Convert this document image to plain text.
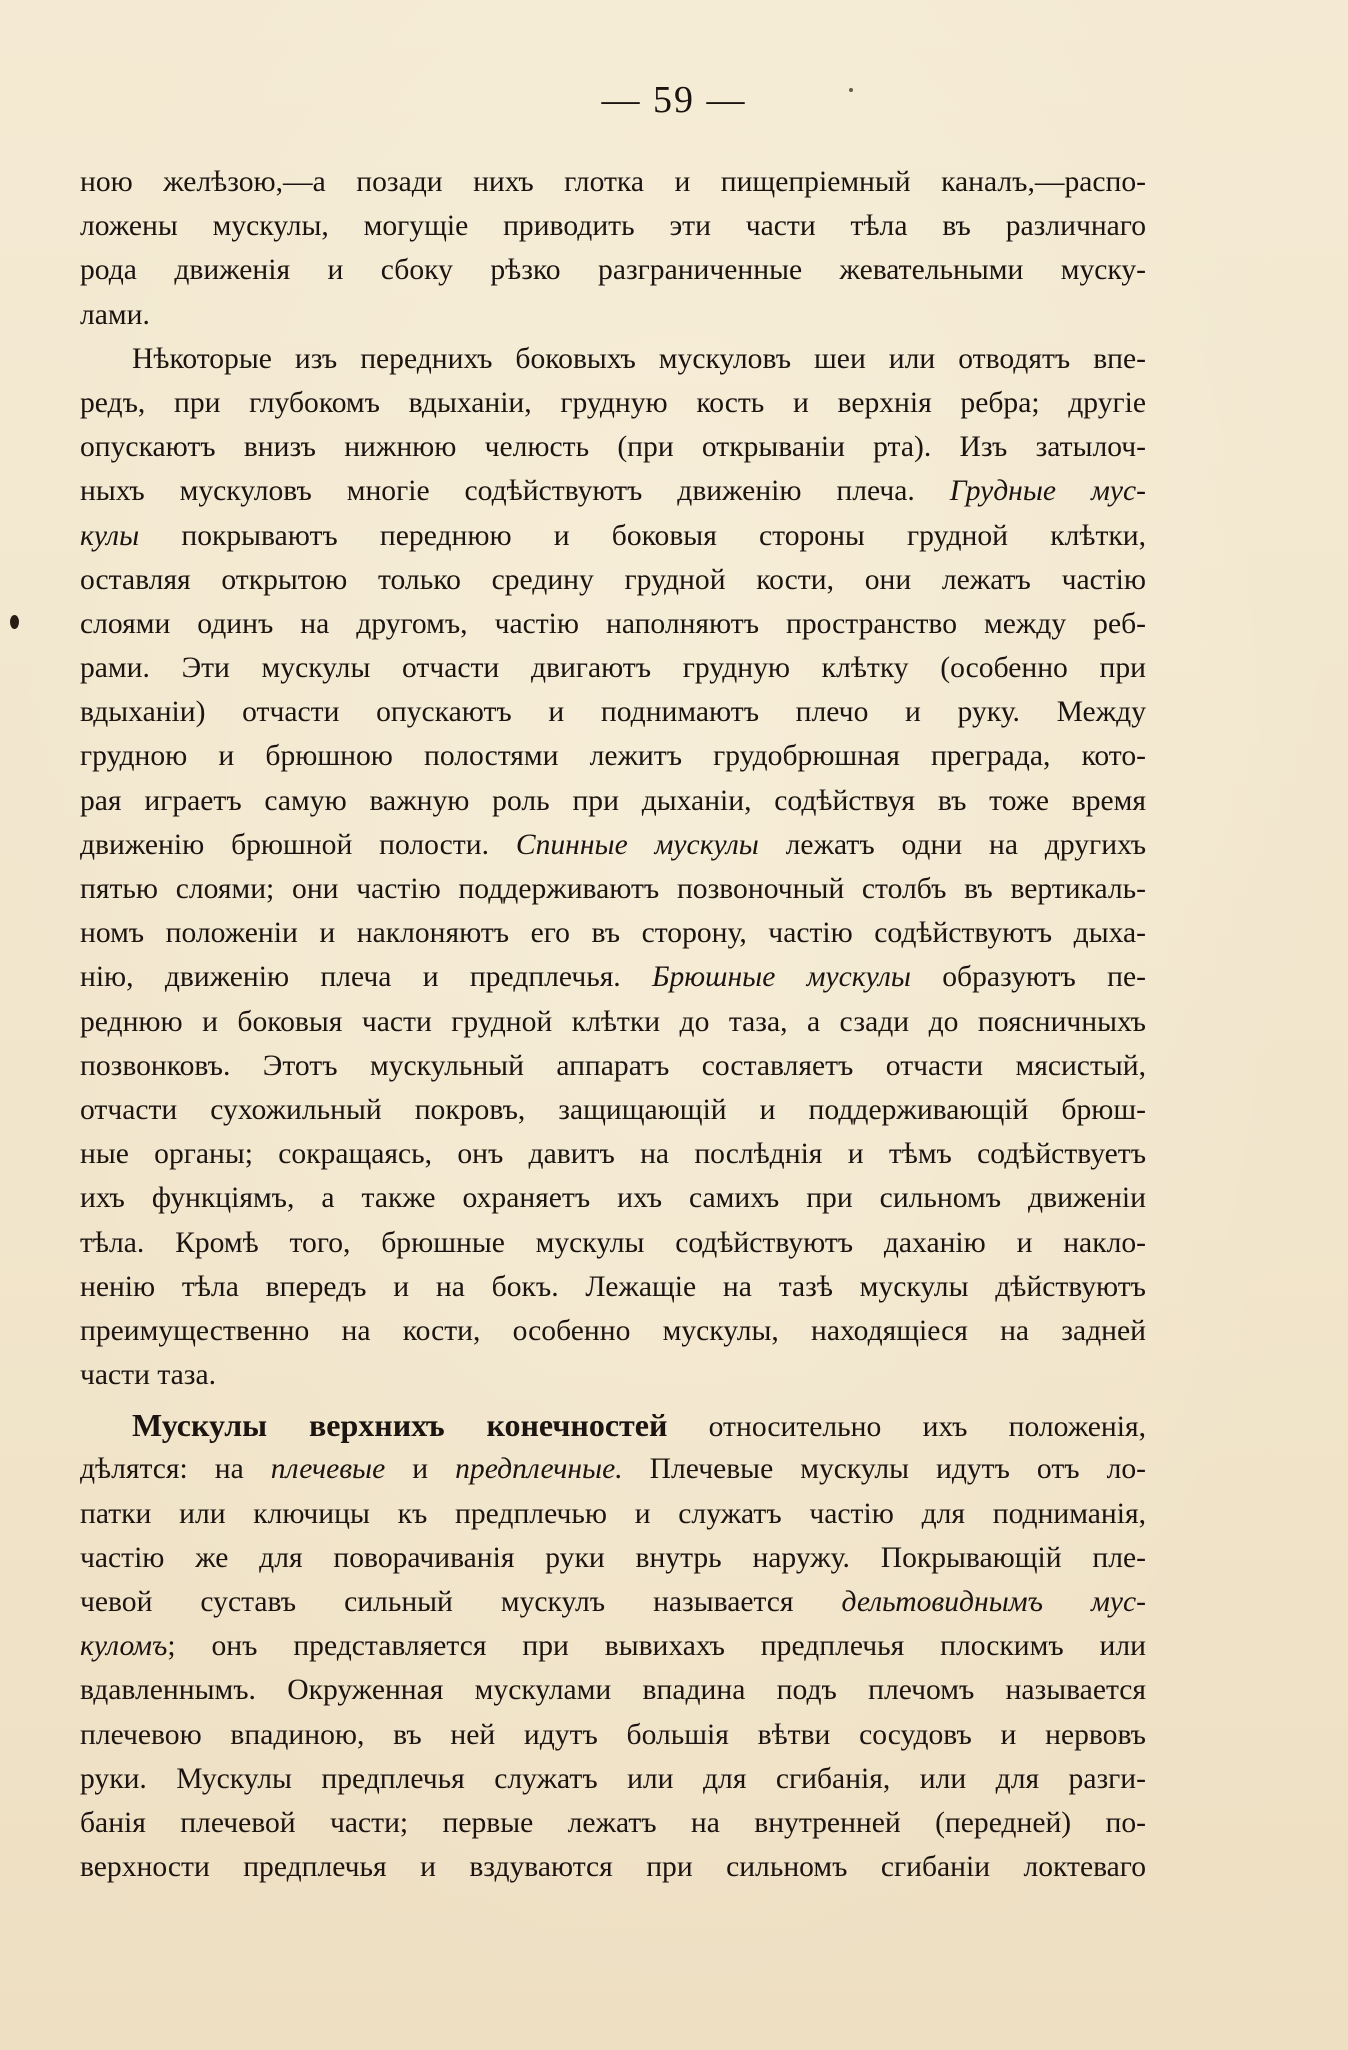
— 59 —
ною желѣзою,—а позади нихъ глотка и пищепріемный каналъ,—распо-
ложены мускулы, могущіе приводить эти части тѣла въ различнаго
рода движенія и сбоку рѣзко разграниченные жевательными муску-
лами.
Нѣкоторые изъ переднихъ боковыхъ мускуловъ шеи или отводятъ впе-
редъ, при глубокомъ вдыханіи, грудную кость и верхнія ребра; другіе
опускаютъ внизъ нижнюю челюсть (при открываніи рта). Изъ затылоч-
ныхъ мускуловъ многіе содѣйствуютъ движенію плеча. Грудные мус-
кулы покрываютъ переднюю и боковыя стороны грудной клѣтки,
оставляя открытою только средину грудной кости, они лежатъ частію
слоями одинъ на другомъ, частію наполняютъ пространство между реб-
рами. Эти мускулы отчасти двигаютъ грудную клѣтку (особенно при
вдыханіи) отчасти опускаютъ и поднимаютъ плечо и руку. Между
грудною и брюшною полостями лежитъ грудобрюшная преграда, кото-
рая играетъ самую важную роль при дыханіи, содѣйствуя въ тоже время
движенію брюшной полости. Спинные мускулы лежатъ одни на другихъ
пятью слоями; они частію поддерживаютъ позвоночный столбъ въ вертикаль-
номъ положеніи и наклоняютъ его въ сторону, частію содѣйствуютъ дыха-
нію, движенію плеча и предплечья. Брюшные мускулы образуютъ пе-
реднюю и боковыя части грудной клѣтки до таза, а сзади до поясничныхъ
позвонковъ. Этотъ мускульный аппаратъ составляетъ отчасти мясистый,
отчасти сухожильный покровъ, защищающій и поддерживающій брюш-
ные органы; сокращаясь, онъ давитъ на послѣднія и тѣмъ содѣйствуетъ
ихъ функціямъ, а также охраняетъ ихъ самихъ при сильномъ движеніи
тѣла. Кромѣ того, брюшные мускулы содѣйствуютъ даханію и накло-
ненію тѣла впередъ и на бокъ. Лежащіе на тазѣ мускулы дѣйствуютъ
преимущественно на кости, особенно мускулы, находящіеся на задней
части таза.
Мускулы верхнихъ конечностей относительно ихъ положенія,
дѣлятся: на плечевые и предплечные. Плечевые мускулы идутъ отъ ло-
патки или ключицы къ предплечью и служатъ частію для подниманія,
частію же для поворачиванія руки внутрь наружу. Покрывающій пле-
чевой суставъ сильный мускулъ называется дельтовиднымъ мус-
куломъ; онъ представляется при вывихахъ предплечья плоскимъ или
вдавленнымъ. Окруженная мускулами впадина подъ плечомъ называется
плечевою впадиною, въ ней идутъ большія вѣтви сосудовъ и нервовъ
руки. Мускулы предплечья служатъ или для сгибанія, или для разги-
банія плечевой части; первые лежатъ на внутренней (передней) по-
верхности предплечья и вздуваются при сильномъ сгибаніи локтеваго
